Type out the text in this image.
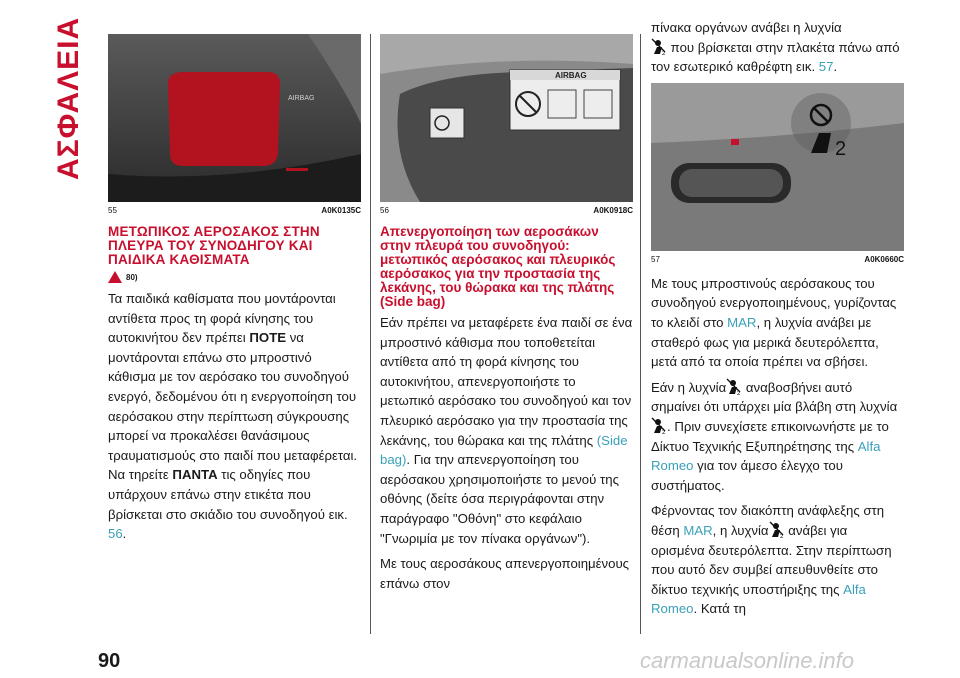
ΑΣΦΑΛΕΙΑ	AIRBAG
55	A0K0135C
ΜΕΤΩΠΙΚΟΣ ΑΕΡΟΣΑΚΟΣ ΣΤΗΝ ΠΛΕΥΡΑ ΤΟΥ ΣΥΝΟΔΗΓΟΥ ΚΑΙ ΠΑΙΔΙΚΑ ΚΑΘΙΣΜΑΤΑ
80)

Τα παιδικά καθίσματα που μοντάρονται αντίθετα προς τη φορά κίνησης του αυτοκινήτου δεν πρέπει ΠΟΤΕ να μοντάρονται επάνω στο μπροστινό κάθισμα με τον αερόσακο του συνοδηγού ενεργό, δεδομένου ότι η ενεργοποίηση του αερόσακου στην περίπτωση σύγκρουσης μπορεί να προκαλέσει θανάσιμους τραυματισμούς στο παιδί που μεταφέρεται. Να τηρείτε ΠΑΝΤΑ τις οδηγίες που υπάρχουν επάνω στην ετικέτα που βρίσκεται στο σκιάδιο του συνοδηγού εικ. 56.

AIRBAG
56	A0K0918C
Απενεργοποίηση των αεροσάκων στην πλευρά του συνοδηγού: μετωπικός αερόσακος και πλευρικός αερόσακος για την προστασία της λεκάνης, του θώρακα και της πλάτης (Side bag)

Εάν πρέπει να μεταφέρετε ένα παιδί σε ένα μπροστινό κάθισμα που τοποθετείται αντίθετα από τη φορά κίνησης του αυτοκινήτου, απενεργοποιήστε το μετωπικό αερόσακο του συνοδηγού και τον πλευρικό αερόσακο για την προστασία της λεκάνης, του θώρακα και της πλάτης (Side bag). Για την απενεργοποίηση του αερόσακου χρησιμοποιήστε το μενού της οθόνης (δείτε όσα περιγράφονται στην παράγραφο "Οθόνη" στο κεφάλαιο "Γνωριμία με τον πίνακα οργάνων").

Με τους αεροσάκους απενεργοποιημένους επάνω στον

πίνακα οργάνων ανάβει η λυχνία

2 που βρίσκεται στην πλακέτα πάνω από τον εσωτερικό καθρέφτη εικ. 57.

2
57	A0K0660C

Με τους μπροστινούς αερόσακους του συνοδηγού ενεργοποιημένους, γυρίζοντας το κλειδί στο MAR, η λυχνία ανάβει με σταθερό φως για μερικά δευτερόλεπτα, μετά από τα οποία πρέπει να σβήσει.

Εάν η λυχνία 2 αναβοσβήνει αυτό σημαίνει ότι υπάρχει μία βλάβη στη λυχνία
2 . Πριν συνεχίσετε επικοινωνήστε με το Δίκτυο Τεχνικής Εξυπηρέτησης της Alfa Romeo για τον άμεσο έλεγχο του συστήματος.

Φέρνοντας τον διακόπτη ανάφλεξης στη θέση MAR, η λυχνία 2 ανάβει για ορισμένα δευτερόλεπτα. Στην περίπτωση που αυτό δεν συμβεί απευθυνθείτε στο δίκτυο τεχνικής υποστήριξης της Alfa Romeo. Κατά τη

90	carmanualsonline.info
